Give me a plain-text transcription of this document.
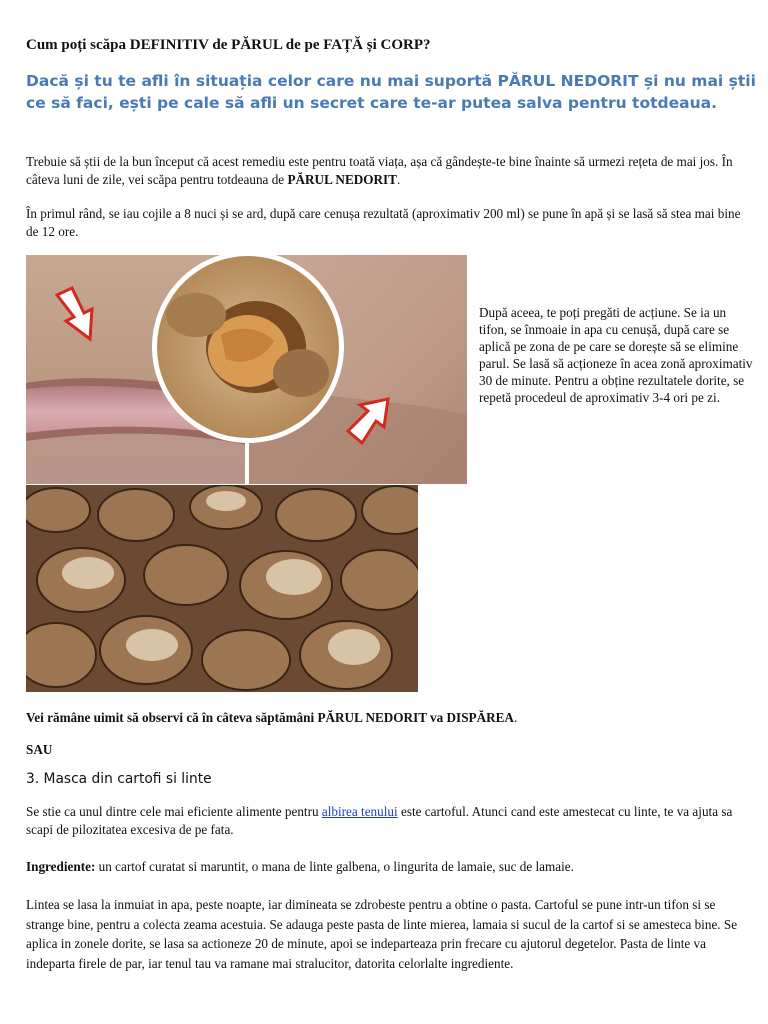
Cum poți scăpa DEFINITIV de PĂRUL de pe FAȚĂ și CORP?
Dacă și tu te afli în situația celor care nu mai suportă PĂRUL NEDORIT și nu mai știi ce să faci, ești pe cale să afli un secret care te-ar putea salva pentru totdeaua.
Trebuie să știi de la bun început că acest remediu este pentru toată viața, așa că gândește-te bine înainte să urmezi rețeta de mai jos. În câteva luni de zile, vei scăpa pentru totdeauna de PĂRUL NEDORIT.
În primul rând, se iau cojile a 8 nuci și se ard, după care cenușa rezultată (aproximativ 200 ml) se pune în apă și se lasă să stea mai bine de 12 ore.
După aceea, te poți pregăti de acțiune. Se ia un tifon, se înmoaie in apa cu cenușă, după care se aplică pe zona de pe care se dorește să se elimine parul. Se lasă să acționeze în acea zonă aproximativ 30 de minute. Pentru a obține rezultatele dorite, se repetă procedeul de aproximativ 3-4 ori pe zi.
Vei rămâne uimit să observi că în câteva săptămâni PĂRUL NEDORIT va DISPĂREA.
SAU
3. Masca din cartofi si linte
Se stie ca unul dintre cele mai eficiente alimente pentru albirea tenului este cartoful. Atunci cand este amestecat cu linte, te va ajuta sa scapi de pilozitatea excesiva de pe fata.
Ingrediente: un cartof curatat si maruntit, o mana de linte galbena, o lingurita de lamaie, suc de lamaie.
Lintea se lasa la inmuiat in apa, peste noapte, iar dimineata se zdrobeste pentru a obtine o pasta. Cartoful se pune intr-un tifon si se strange bine, pentru a colecta zeama acestuia. Se adauga peste pasta de linte mierea, lamaia si sucul de la cartof si se amesteca bine. Se aplica in zonele dorite, se lasa sa actioneze 20 de minute, apoi se indeparteaza prin frecare cu ajutorul degetelor. Pasta de linte va indeparta firele de par, iar tenul tau va ramane mai stralucitor, datorita celorlalte ingrediente.
